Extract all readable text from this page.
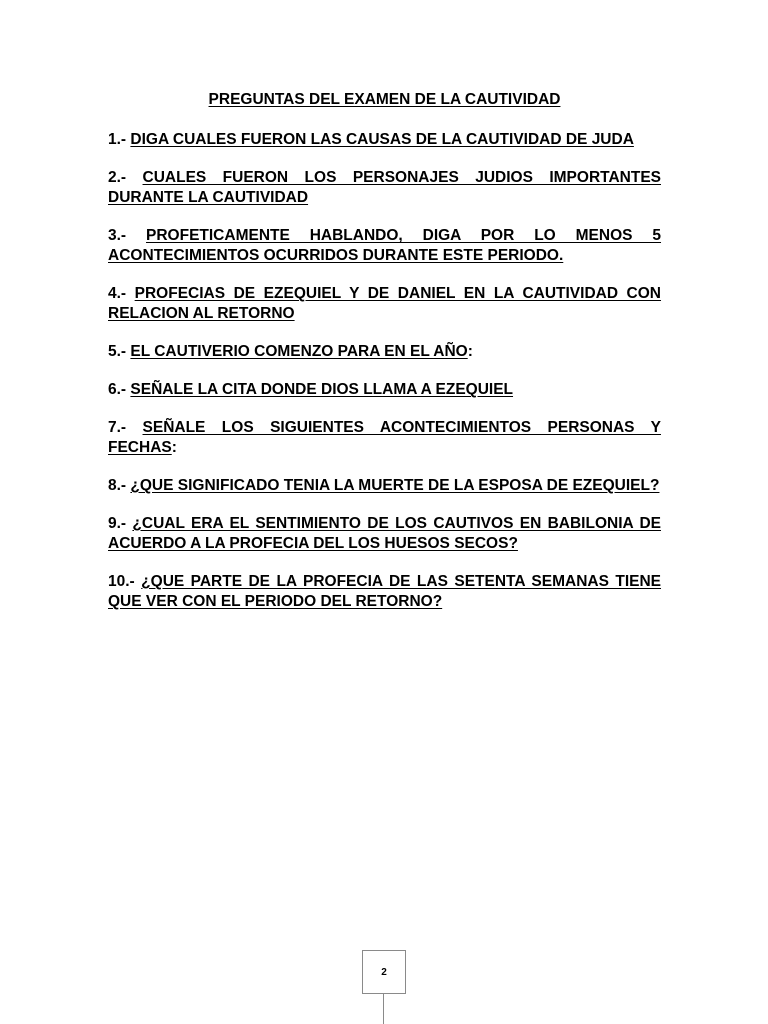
PREGUNTAS DEL EXAMEN DE LA CAUTIVIDAD

1.- DIGA CUALES FUERON LAS CAUSAS DE LA CAUTIVIDAD DE JUDA

2.- CUALES FUERON LOS PERSONAJES JUDIOS IMPORTANTES DURANTE LA CAUTIVIDAD

3.- PROFETICAMENTE HABLANDO, DIGA POR LO MENOS 5 ACONTECIMIENTOS OCURRIDOS DURANTE ESTE PERIODO.

4.- PROFECIAS DE EZEQUIEL Y DE DANIEL EN LA CAUTIVIDAD CON RELACION AL RETORNO

5.- EL CAUTIVERIO COMENZO PARA EN EL AÑO:

6.- SEÑALE LA CITA DONDE DIOS LLAMA A EZEQUIEL

7.- SEÑALE LOS SIGUIENTES ACONTECIMIENTOS PERSONAS Y FECHAS:

8.- ¿QUE SIGNIFICADO TENIA LA MUERTE DE LA ESPOSA DE EZEQUIEL?

9.- ¿CUAL ERA EL SENTIMIENTO DE LOS CAUTIVOS EN BABILONIA DE ACUERDO A LA PROFECIA DEL LOS HUESOS SECOS?

10.- ¿QUE PARTE DE LA PROFECIA DE LAS SETENTA SEMANAS TIENE QUE VER CON EL PERIODO DEL RETORNO?

2
